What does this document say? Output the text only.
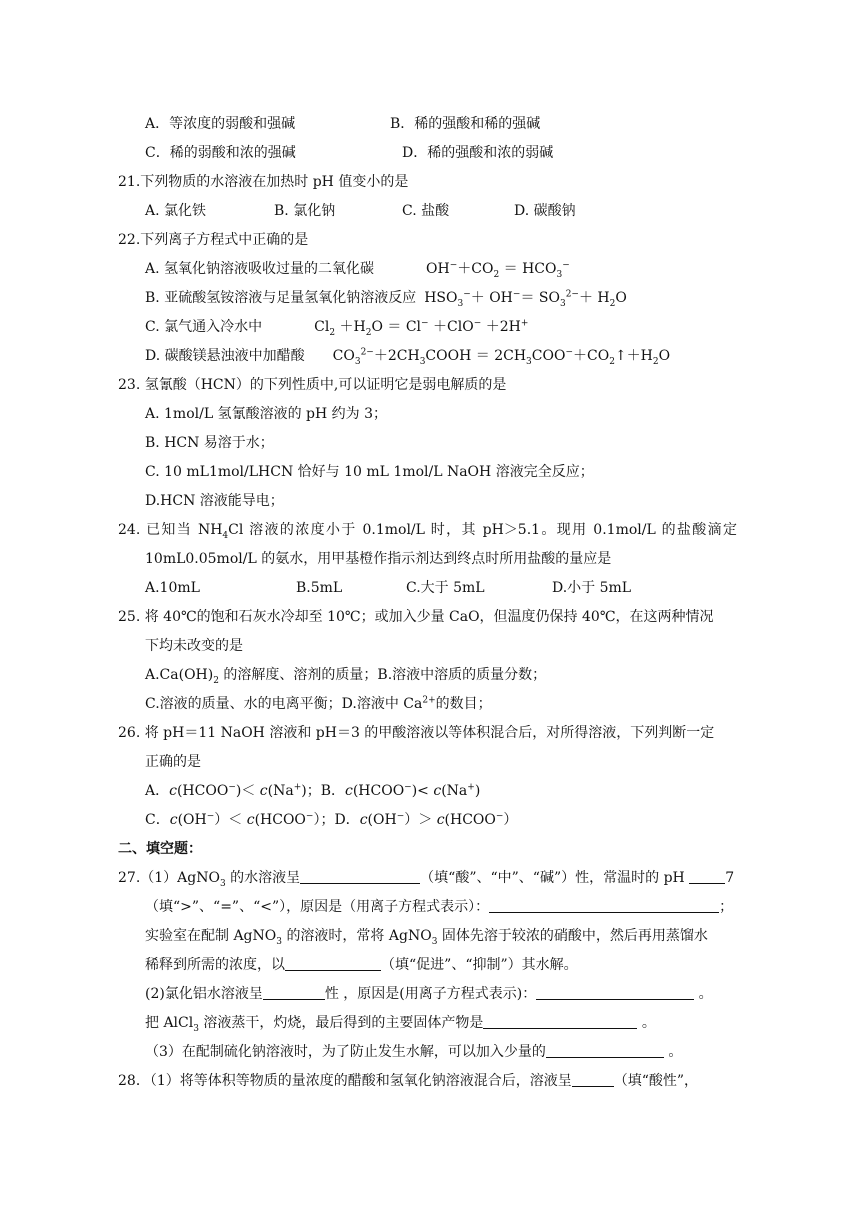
A．等浓度的弱酸和强碱	B．稀的强酸和稀的强碱
C．稀的弱酸和浓的强碱	D．稀的强酸和浓的弱碱
21.下列物质的水溶液在加热时 pH 值变小的是
A. 氯化铁	B. 氯化钠	C. 盐酸	D. 碳酸钠
22.下列离子方程式中正确的是
A. 氢氧化钠溶液吸收过量的二氧化碳	$OH^-+CO_2 = HCO_3^-$
B. 亚硫酸氢铵溶液与足量氢氧化钠溶液反应 $HSO_3^-+ OH^-= SO_3^{2-}+ H_2O$
C. 氯气通入冷水中	$Cl_2 +H_2O = Cl^- +ClO^- +2H^+$
D. 碳酸镁悬浊液中加醋酸 $CO_3^{2-}+2CH_3COOH$ ＝ $2CH_3COO^-+CO_2↑+H_2O$
23. 氢氰酸（HCN）的下列性质中,可以证明它是弱电解质的是
A. 1mol/L 氢氰酸溶液的 pH 约为 3；
B. HCN 易溶于水；
C. 10 mL1mol/LHCN 恰好与 10 mL 1mol/L NaOH 溶液完全反应；
D.HCN 溶液能导电；
24. 已知当 $NH_4Cl$ 溶液的浓度小于 0.1mol/L 时，其 pH＞5.1。现用 0.1mol/L 的盐酸滴定
10mL0.05mol/L 的氨水，用甲基橙作指示剂达到终点时所用盐酸的量应是
A.10mL	B.5mL	C.大于 5mL	D.小于 5mL
25. 将 40℃的饱和石灰水冷却至 10℃；或加入少量 CaO，但温度仍保持 40℃，在这两种情况
下均未改变的是
$A.Ca(OH)_2$ 的溶解度、溶剂的质量；B.溶液中溶质的质量分数；
C.溶液的质量、水的电离平衡；D.溶液中 $Ca^{2+}$的数目；
26. 将 pH＝11 NaOH 溶液和 pH＝3 的甲酸溶液以等体积混合后，对所得溶液，下列判断一定
正确的是
A．c(HCOO−)＜ c(Na+)；B．c(HCOO−)< c(Na+)
C．c(OH−）＜ c(HCOO−）；D．c(OH−）＞ c(HCOO−）
二、填空题：
27.（1）AgNO$_3$ 的水溶液呈	（填“酸”、“中”、“碱”）性，常温时的 pH	7
（填“>”、“=”、“<”），原因是（用离子方程式表示）：	；
实验室在配制 AgNO$_3$ 的溶液时，常将 AgNO$_3$ 固体先溶于较浓的硝酸中，然后再用蒸馏水
稀释到所需的浓度，以	（填“促进”、“抑制”）其水解。
(2)氯化铝水溶液呈	性 ，原因是(用离子方程式表示)：	。
把 AlCl$_3$ 溶液蒸干，灼烧，最后得到的主要固体产物是	。
（3）在配制硫化钠溶液时，为了防止发生水解，可以加入少量的	。
28．（1）将等体积等物质的量浓度的醋酸和氢氧化钠溶液混合后，溶液呈	（填“酸性”，
